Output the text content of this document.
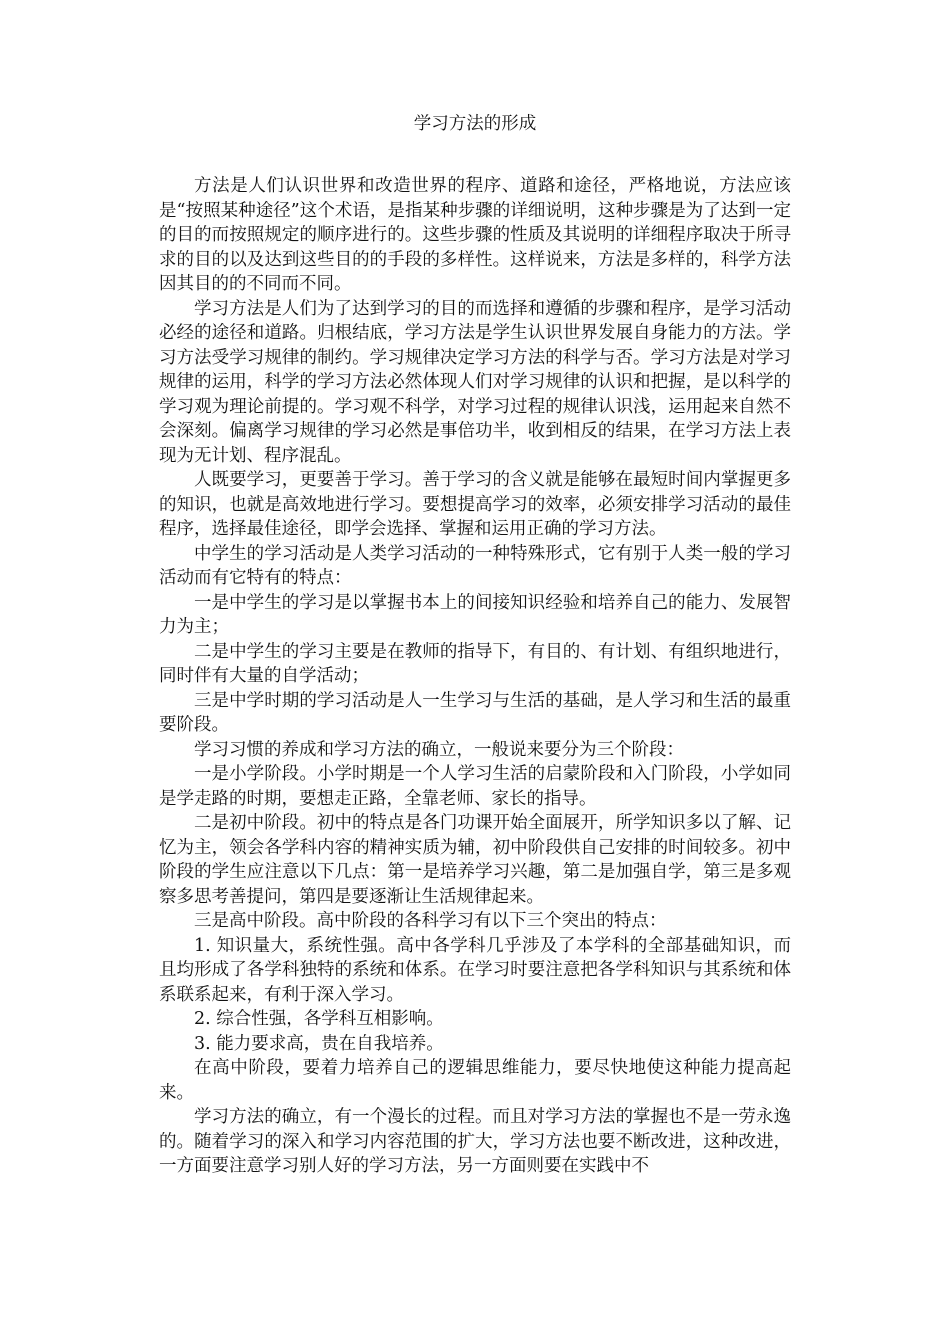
学习方法的形成

方法是人们认识世界和改造世界的程序、道路和途径，严格地说，方法应该是“按照某种途径”这个术语，是指某种步骤的详细说明，这种步骤是为了达到一定的目的而按照规定的顺序进行的。这些步骤的性质及其说明的详细程序取决于所寻求的目的以及达到这些目的的手段的多样性。这样说来，方法是多样的，科学方法因其目的的不同而不同。

学习方法是人们为了达到学习的目的而选择和遵循的步骤和程序，是学习活动必经的途径和道路。归根结底，学习方法是学生认识世界发展自身能力的方法。学习方法受学习规律的制约。学习规律决定学习方法的科学与否。学习方法是对学习规律的运用，科学的学习方法必然体现人们对学习规律的认识和把握，是以科学的学习观为理论前提的。学习观不科学，对学习过程的规律认识浅，运用起来自然不会深刻。偏离学习规律的学习必然是事倍功半，收到相反的结果，在学习方法上表现为无计划、程序混乱。

人既要学习，更要善于学习。善于学习的含义就是能够在最短时间内掌握更多的知识，也就是高效地进行学习。要想提高学习的效率，必须安排学习活动的最佳程序，选择最佳途径，即学会选择、掌握和运用正确的学习方法。

中学生的学习活动是人类学习活动的一种特殊形式，它有别于人类一般的学习活动而有它特有的特点：

一是中学生的学习是以掌握书本上的间接知识经验和培养自己的能力、发展智力为主；

二是中学生的学习主要是在教师的指导下，有目的、有计划、有组织地进行，同时伴有大量的自学活动；

三是中学时期的学习活动是人一生学习与生活的基础，是人学习和生活的最重要阶段。

学习习惯的养成和学习方法的确立，一般说来要分为三个阶段：

一是小学阶段。小学时期是一个人学习生活的启蒙阶段和入门阶段，小学如同是学走路的时期，要想走正路，全靠老师、家长的指导。

二是初中阶段。初中的特点是各门功课开始全面展开，所学知识多以了解、记忆为主，领会各学科内容的精神实质为辅，初中阶段供自己安排的时间较多。初中阶段的学生应注意以下几点：第一是培养学习兴趣，第二是加强自学，第三是多观察多思考善提问，第四是要逐渐让生活规律起来。

三是高中阶段。高中阶段的各科学习有以下三个突出的特点：

1. 知识量大，系统性强。高中各学科几乎涉及了本学科的全部基础知识，而且均形成了各学科独特的系统和体系。在学习时要注意把各学科知识与其系统和体系联系起来，有利于深入学习。

2. 综合性强，各学科互相影响。

3. 能力要求高，贵在自我培养。

在高中阶段，要着力培养自己的逻辑思维能力，要尽快地使这种能力提高起来。

学习方法的确立，有一个漫长的过程。而且对学习方法的掌握也不是一劳永逸的。随着学习的深入和学习内容范围的扩大，学习方法也要不断改进，这种改进，一方面要注意学习别人好的学习方法，另一方面则要在实践中不
